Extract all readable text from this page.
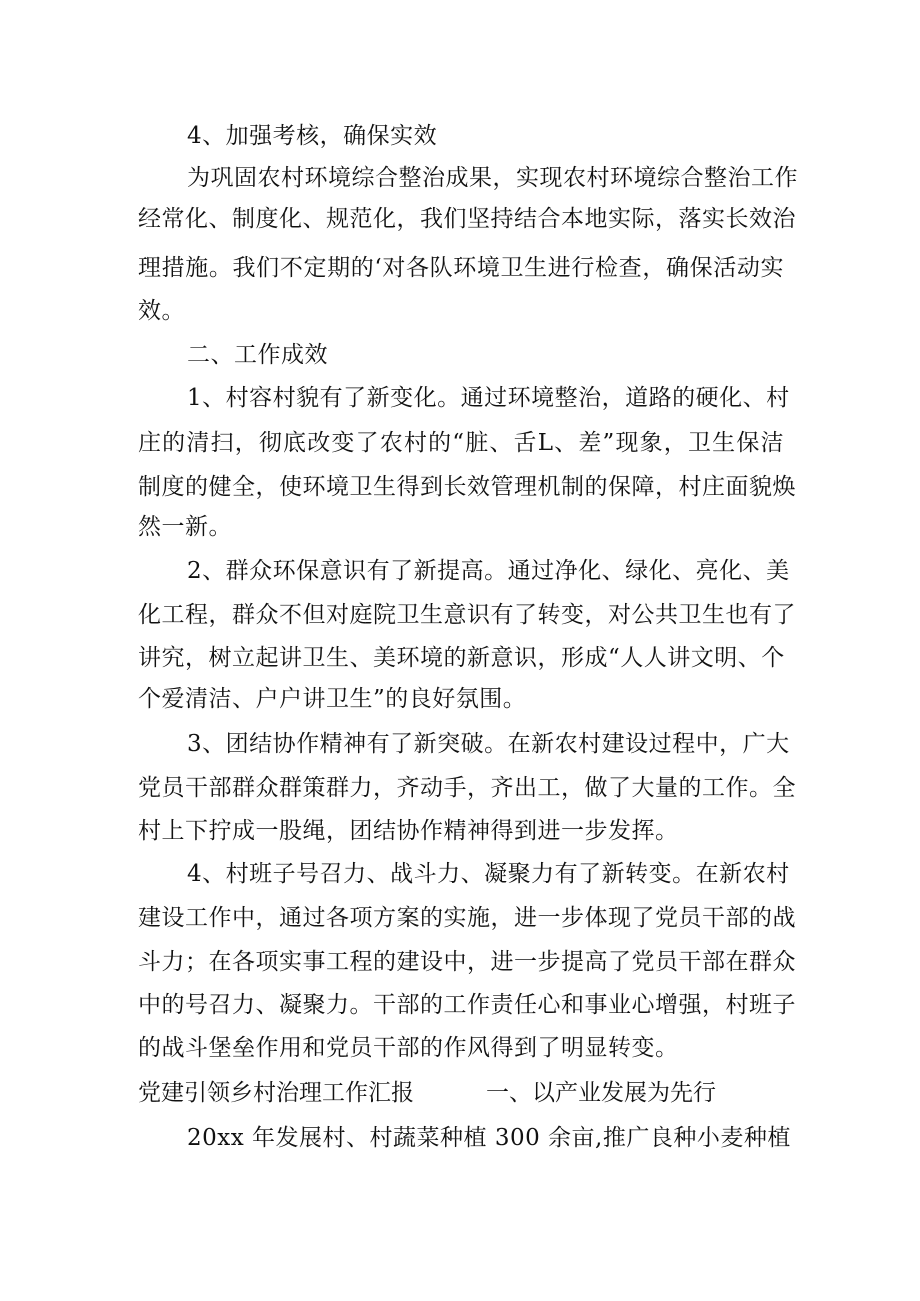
4、加强考核，确保实效
为巩固农村环境综合整治成果，实现农村环境综合整治工作
经常化、制度化、规范化，我们坚持结合本地实际，落实长效治
理措施。我们不定期的‘对各队环境卫生进行检查，确保活动实
效。
二、工作成效
1、村容村貌有了新变化。通过环境整治，道路的硬化、村
庄的清扫，彻底改变了农村的“脏、舌L、差”现象，卫生保洁
制度的健全，使环境卫生得到长效管理机制的保障，村庄面貌焕
然一新。
2、群众环保意识有了新提高。通过净化、绿化、亮化、美
化工程，群众不但对庭院卫生意识有了转变，对公共卫生也有了
讲究，树立起讲卫生、美环境的新意识，形成“人人讲文明、个
个爱清洁、户户讲卫生”的良好氛围。
3、团结协作精神有了新突破。在新农村建设过程中，广大
党员干部群众群策群力，齐动手，齐出工，做了大量的工作。全
村上下拧成一股绳，团结协作精神得到进一步发挥。
4、村班子号召力、战斗力、凝聚力有了新转变。在新农村
建设工作中，通过各项方案的实施，进一步体现了党员干部的战
斗力；在各项实事工程的建设中，进一步提高了党员干部在群众
中的号召力、凝聚力。干部的工作责任心和事业心增强，村班子
的战斗堡垒作用和党员干部的作风得到了明显转变。
党建引领乡村治理工作汇报	一、以产业发展为先行
20xx 年发展村、村蔬菜种植 300 余亩,推广良种小麦种植
